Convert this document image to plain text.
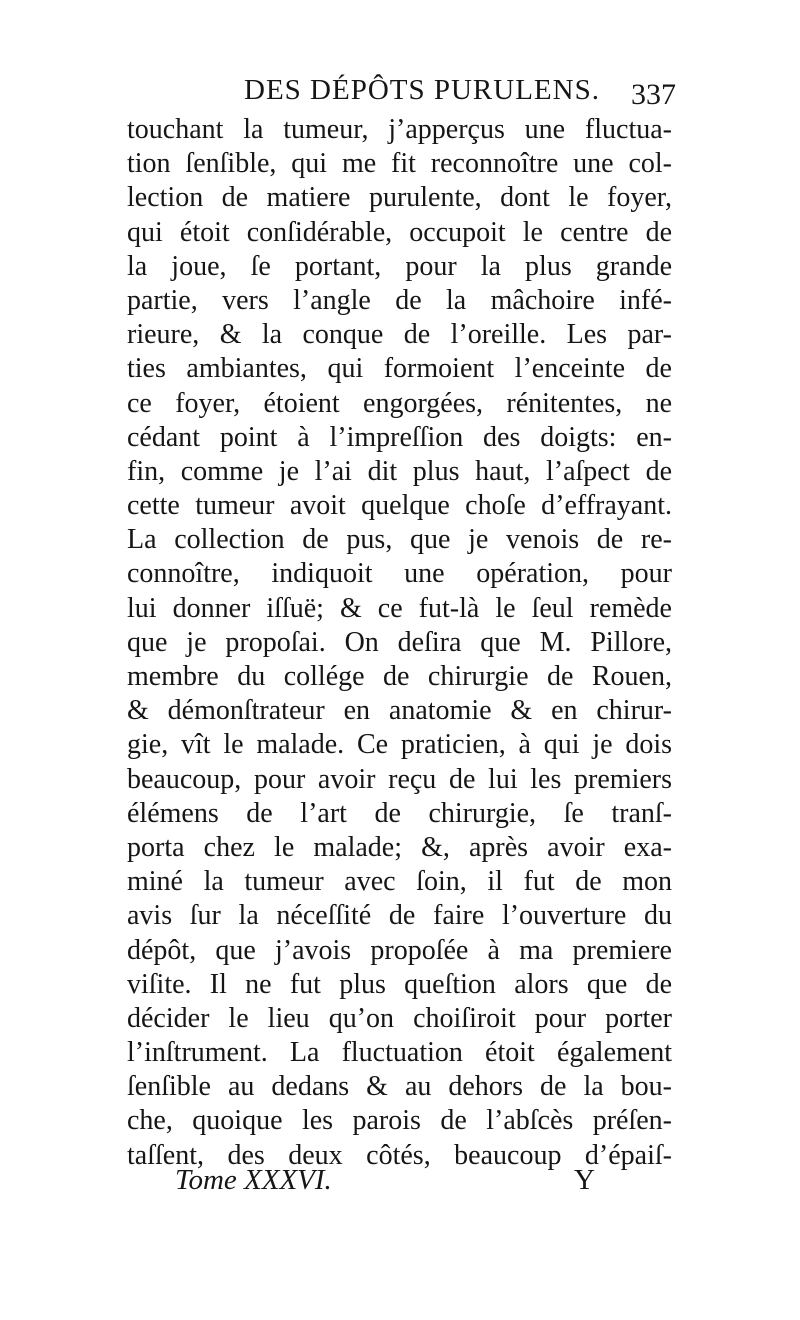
DES DÉPÔTS PURULENS. 337
touchant la tumeur, j’apperçus une fluctua-
tion ſenſible, qui me fit reconnoître une col-
lection de matiere purulente, dont le foyer,
qui étoit conſidérable, occupoit le centre de
la joue, ſe portant, pour la plus grande
partie, vers l’angle de la mâchoire infé-
rieure, & la conque de l’oreille. Les par-
ties ambiantes, qui formoient l’enceinte de
ce foyer, étoient engorgées, rénitentes, ne
cédant point à l’impreſſion des doigts: en-
fin, comme je l’ai dit plus haut, l’aſpect de
cette tumeur avoit quelque choſe d’effrayant.
La collection de pus, que je venois de re-
connoître, indiquoit une opération, pour
lui donner iſſuë; & ce fut-là le ſeul remède
que je propoſai. On deſira que M. Pillore,
membre du collége de chirurgie de Rouen,
& démonſtrateur en anatomie & en chirur-
gie, vît le malade. Ce praticien, à qui je dois
beaucoup, pour avoir reçu de lui les premiers
élémens de l’art de chirurgie, ſe tranſ-
porta chez le malade; &, après avoir exa-
miné la tumeur avec ſoin, il fut de mon
avis ſur la néceſſité de faire l’ouverture du
dépôt, que j’avois propoſée à ma premiere
viſite. Il ne fut plus queſtion alors que de
décider le lieu qu’on choiſiroit pour porter
l’inſtrument. La fluctuation étoit également
ſenſible au dedans & au dehors de la bou-
che, quoique les parois de l’abſcès préſen-
taſſent, des deux côtés, beaucoup d’épaiſ-
Tome XXXVI.	Y
